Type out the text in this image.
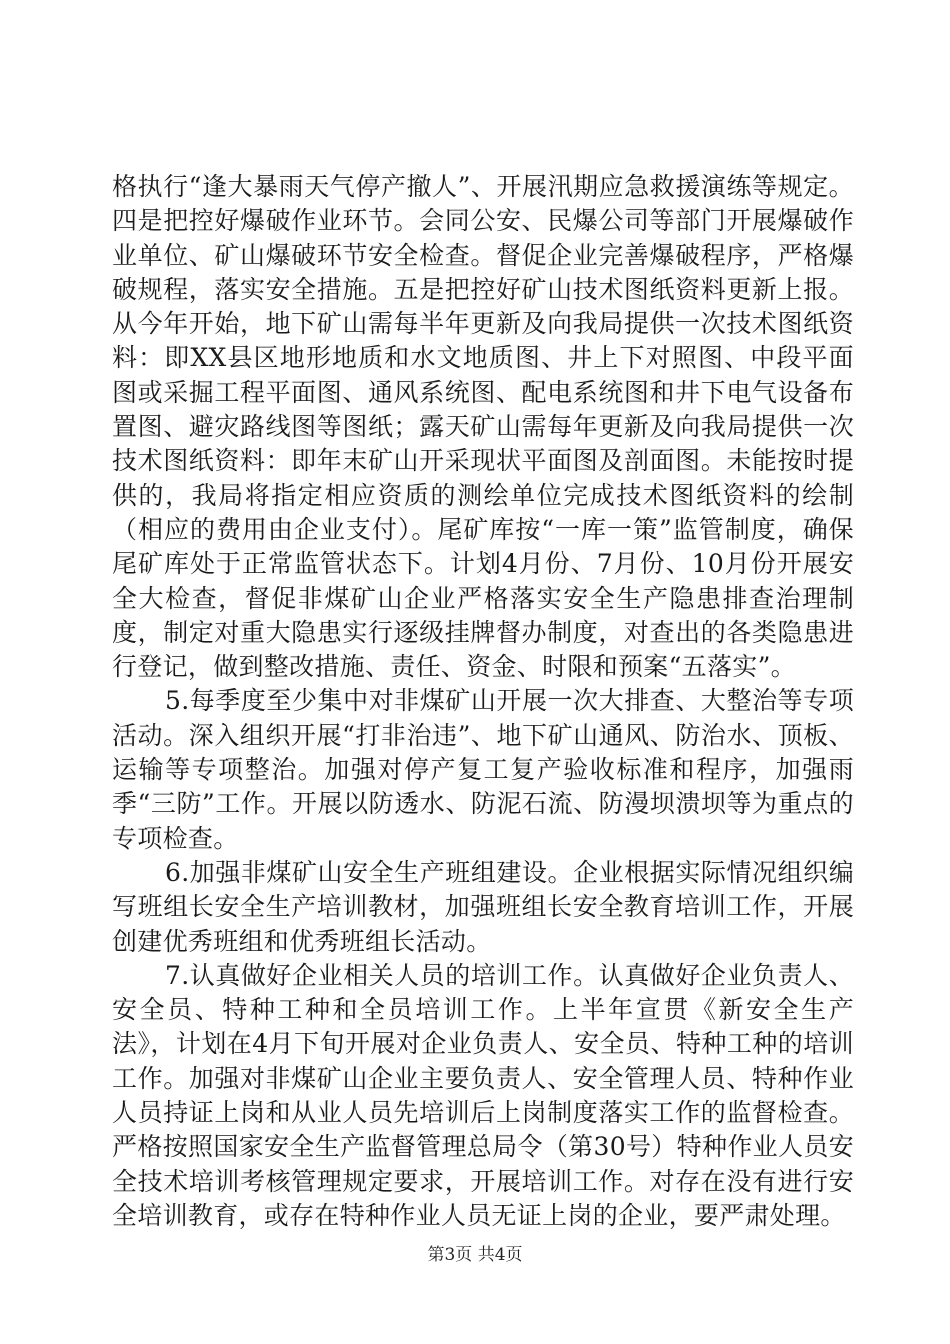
格执行“逢大暴雨天气停产撤人”、开展汛期应急救援演练等规定。四是把控好爆破作业环节。会同公安、民爆公司等部门开展爆破作业单位、矿山爆破环节安全检查。督促企业完善爆破程序，严格爆破规程，落实安全措施。五是把控好矿山技术图纸资料更新上报。从今年开始，地下矿山需每半年更新及向我局提供一次技术图纸资料：即XX县区地形地质和水文地质图、井上下对照图、中段平面图或采掘工程平面图、通风系统图、配电系统图和井下电气设备布置图、避灾路线图等图纸；露天矿山需每年更新及向我局提供一次技术图纸资料：即年末矿山开采现状平面图及剖面图。未能按时提供的，我局将指定相应资质的测绘单位完成技术图纸资料的绘制（相应的费用由企业支付）。尾矿库按“一库一策”监管制度，确保尾矿库处于正常监管状态下。计划4月份、7月份、10月份开展安全大检查，督促非煤矿山企业严格落实安全生产隐患排查治理制度，制定对重大隐患实行逐级挂牌督办制度，对查出的各类隐患进行登记，做到整改措施、责任、资金、时限和预案“五落实”。

5.每季度至少集中对非煤矿山开展一次大排查、大整治等专项活动。深入组织开展“打非治违”、地下矿山通风、防治水、顶板、运输等专项整治。加强对停产复工复产验收标准和程序，加强雨季“三防”工作。开展以防透水、防泥石流、防漫坝溃坝等为重点的专项检查。

6.加强非煤矿山安全生产班组建设。企业根据实际情况组织编写班组长安全生产培训教材，加强班组长安全教育培训工作，开展创建优秀班组和优秀班组长活动。

7.认真做好企业相关人员的培训工作。认真做好企业负责人、安全员、特种工种和全员培训工作。上半年宣贯《新安全生产法》，计划在4月下旬开展对企业负责人、安全员、特种工种的培训工作。加强对非煤矿山企业主要负责人、安全管理人员、特种作业人员持证上岗和从业人员先培训后上岗制度落实工作的监督检查。严格按照国家安全生产监督管理总局令（第30号）特种作业人员安全技术培训考核管理规定要求，开展培训工作。对存在没有进行安全培训教育，或存在特种作业人员无证上岗的企业，要严肃处理。

第3页 共4页
